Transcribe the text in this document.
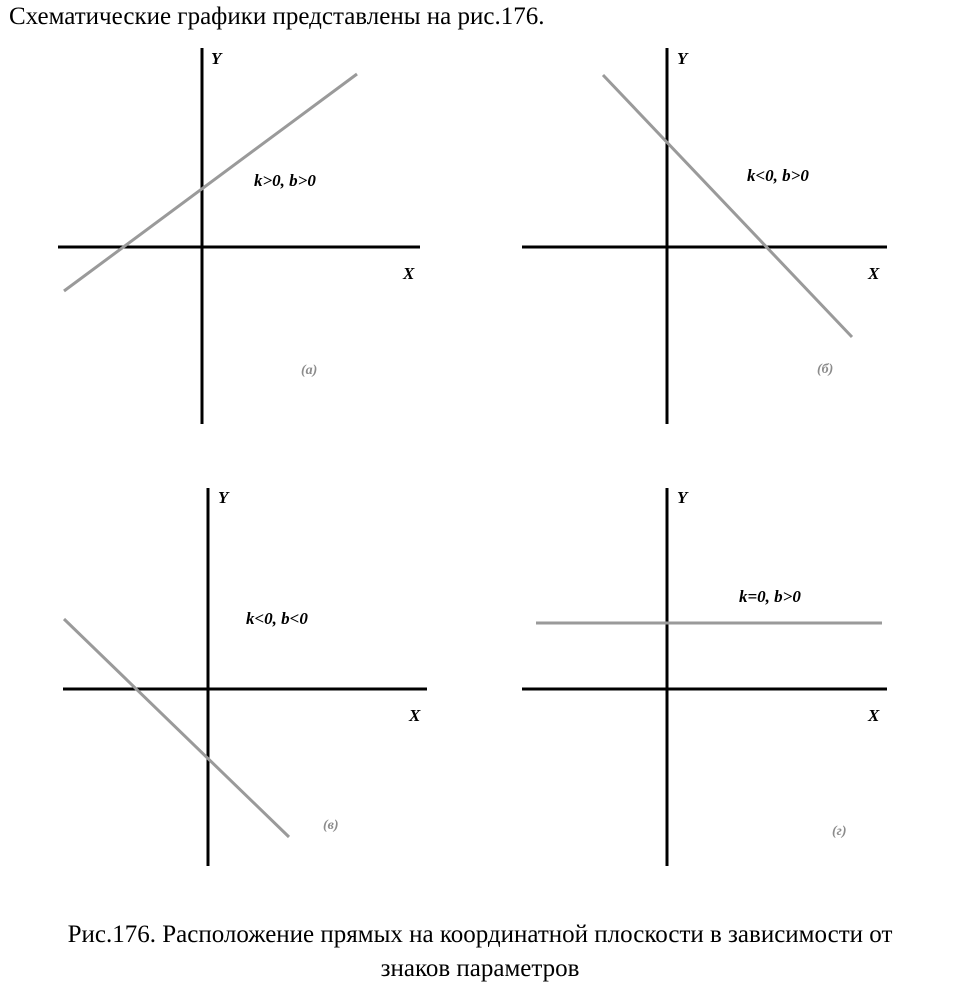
Схематические графики представлены на рис.176.
Y
X
k>0, b>0
(а)
Y
X
k<0, b>0
(б)
Y
X
k<0, b<0
(в)
Y
X
k=0, b>0
(г)
Рис.176. Расположение прямых на координатной плоскости в зависимости от
знаков параметров
